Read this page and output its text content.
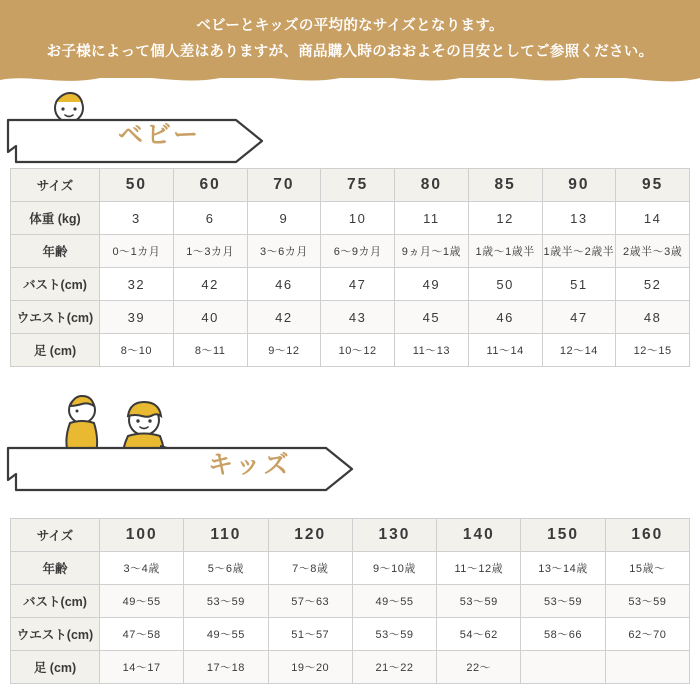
ベビーとキッズの平均的なサイズとなります。
お子様によって個人差はありますが、商品購入時のおおよその目安としてご参照ください。
ベビー
サイズ	50	60	70	75	80	85	90	95
体重 (kg)	3	6	9	10	11	12	13	14
年齢	0〜1カ月	1〜3カ月	3〜6カ月	6〜9カ月	9ヵ月〜1歳	1歳〜1歳半	1歳半〜2歳半	2歳半〜3歳
バスト(cm)	32	42	46	47	49	50	51	52
ウエスト(cm)	39	40	42	43	45	46	47	48
足 (cm)	8〜10	8〜11	9〜12	10〜12	11〜13	11〜14	12〜14	12〜15
キッズ
サイズ	100	110	120	130	140	150	160
年齢	3〜4歳	5〜6歳	7〜8歳	9〜10歳	11〜12歳	13〜14歳	15歳〜
バスト(cm)	49〜55	53〜59	57〜63	49〜55	53〜59	53〜59	53〜59
ウエスト(cm)	47〜58	49〜55	51〜57	53〜59	54〜62	58〜66	62〜70
足 (cm)	14〜17	17〜18	19〜20	21〜22	22〜		
